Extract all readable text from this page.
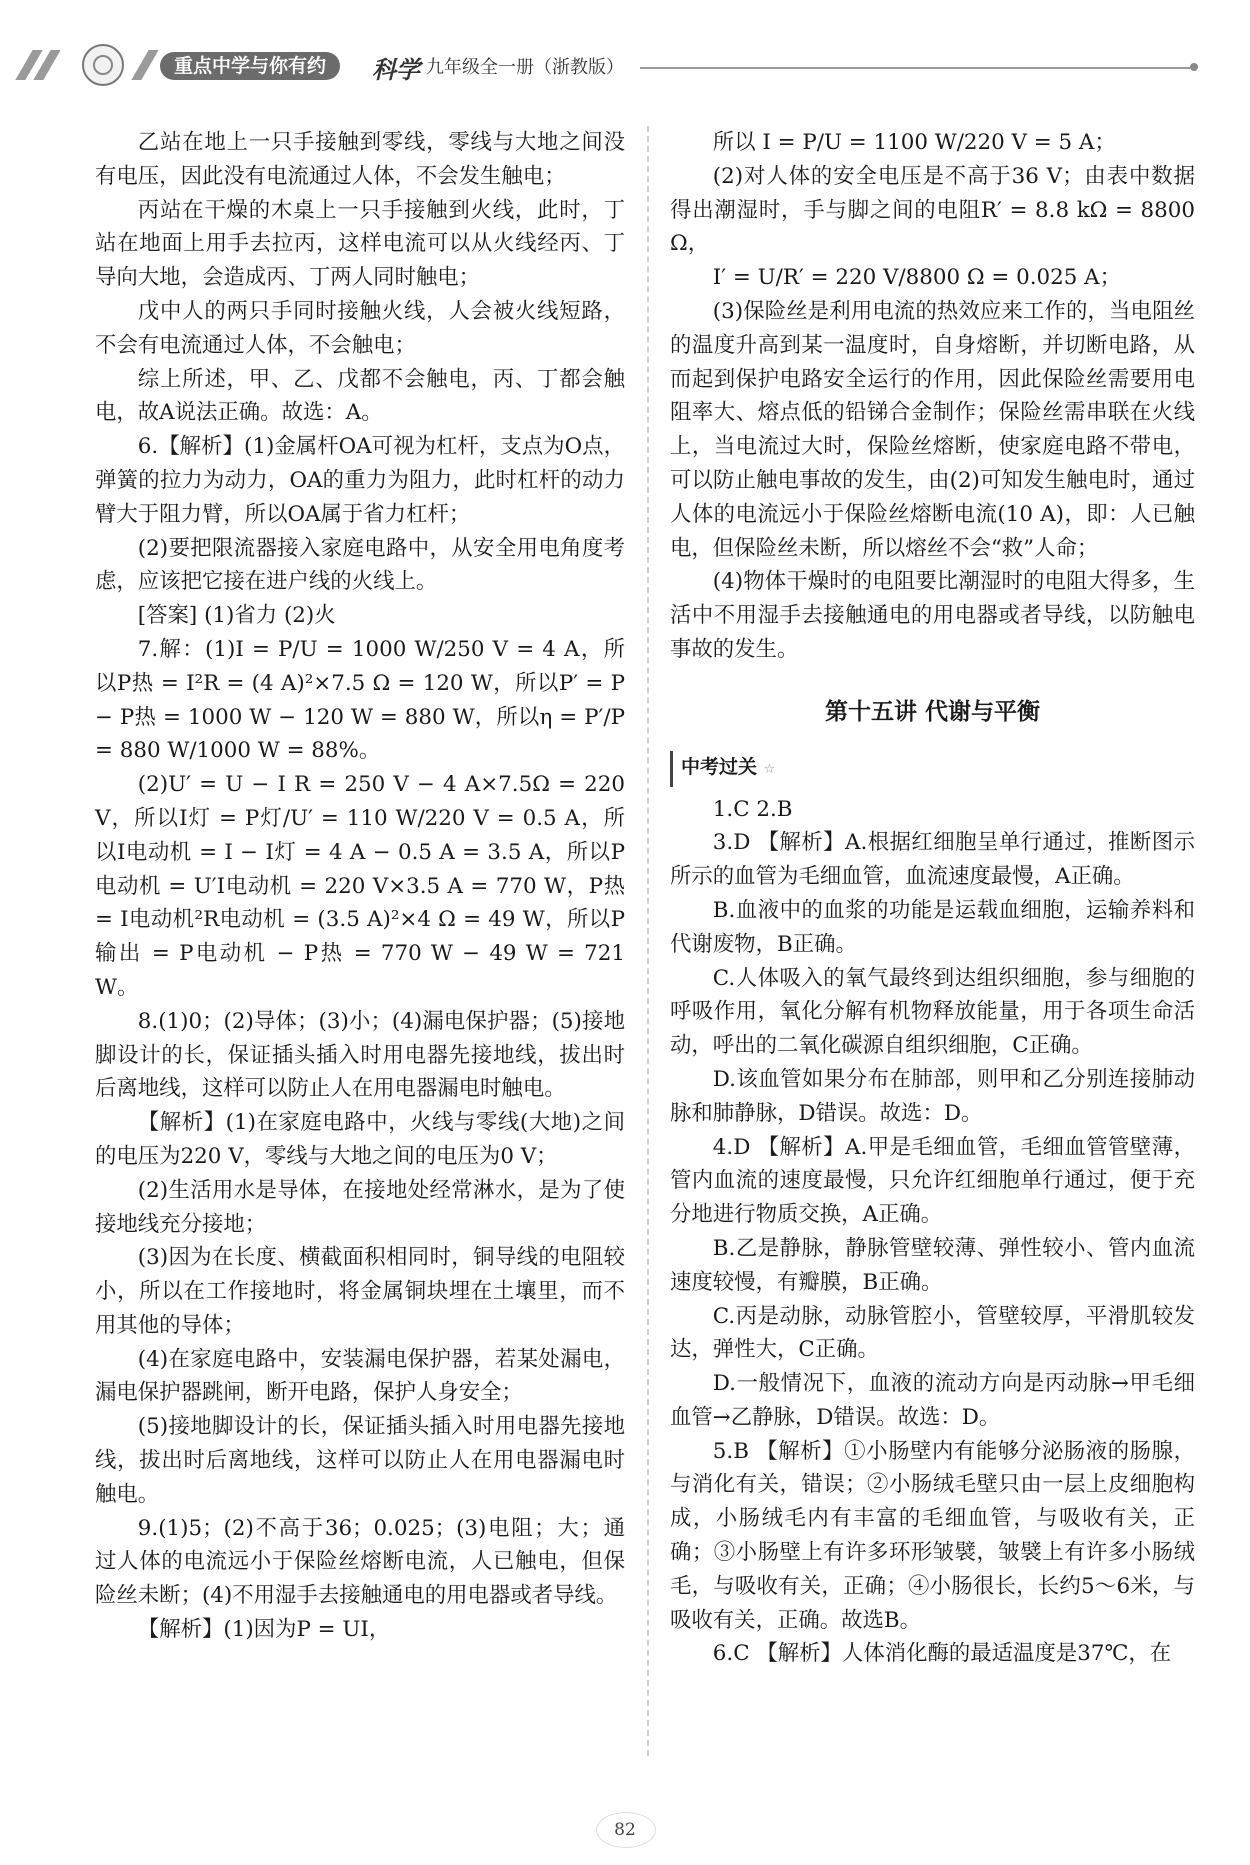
重点中学与你有约	科学 九年级全一册（浙教版）

乙站在地上一只手接触到零线，零线与大地之间没有电压，因此没有电流通过人体，不会发生触电；

丙站在干燥的木桌上一只手接触到火线，此时，丁站在地面上用手去拉丙，这样电流可以从火线经丙、丁导向大地，会造成丙、丁两人同时触电；

戊中人的两只手同时接触火线，人会被火线短路，不会有电流通过人体，不会触电；

综上所述，甲、乙、戊都不会触电，丙、丁都会触电，故A说法正确。故选：A。

6.【解析】(1)金属杆OA可视为杠杆，支点为O点，弹簧的拉力为动力，OA的重力为阻力，此时杠杆的动力臂大于阻力臂，所以OA属于省力杠杆；

(2)要把限流器接入家庭电路中，从安全用电角度考虑，应该把它接在进户线的火线上。

[答案] (1)省力 (2)火

7.解：(1)I = P/U = 1000 W/250 V = 4 A，所以P热 = I²R = (4 A)²×7.5 Ω = 120 W，所以P′ = P − P热 = 1000 W − 120 W = 880 W，所以η = P′/P = 880 W/1000 W = 88%。

(2)U′ = U − I R = 250 V − 4 A×7.5Ω = 220 V，所以I灯 = P灯/U′ = 110 W/220 V = 0.5 A，所以I电动机 = I − I灯 = 4 A − 0.5 A = 3.5 A，所以P电动机 = U′I电动机 = 220 V×3.5 A = 770 W，P热 = I电动机²R电动机 = (3.5 A)²×4 Ω = 49 W，所以P输出 = P电动机 − P热 = 770 W − 49 W = 721 W。

8.(1)0；(2)导体；(3)小；(4)漏电保护器；(5)接地脚设计的长，保证插头插入时用电器先接地线，拔出时后离地线，这样可以防止人在用电器漏电时触电。

【解析】(1)在家庭电路中，火线与零线(大地)之间的电压为220 V，零线与大地之间的电压为0 V；

(2)生活用水是导体，在接地处经常淋水，是为了使接地线充分接地；

(3)因为在长度、横截面积相同时，铜导线的电阻较小，所以在工作接地时，将金属铜块埋在土壤里，而不用其他的导体；

(4)在家庭电路中，安装漏电保护器，若某处漏电，漏电保护器跳闸，断开电路，保护人身安全；

(5)接地脚设计的长，保证插头插入时用电器先接地线，拔出时后离地线，这样可以防止人在用电器漏电时触电。

9.(1)5；(2)不高于36；0.025；(3)电阻；大；通过人体的电流远小于保险丝熔断电流，人已触电，但保险丝未断；(4)不用湿手去接触通电的用电器或者导线。

【解析】(1)因为P = UI，

所以 I = P/U = 1100 W/220 V = 5 A；

(2)对人体的安全电压是不高于36 V；由表中数据得出潮湿时，手与脚之间的电阻R′ = 8.8 kΩ = 8800 Ω，

I′ = U/R′ = 220 V/8800 Ω = 0.025 A；

(3)保险丝是利用电流的热效应来工作的，当电阻丝的温度升高到某一温度时，自身熔断，并切断电路，从而起到保护电路安全运行的作用，因此保险丝需要用电阻率大、熔点低的铅锑合金制作；保险丝需串联在火线上，当电流过大时，保险丝熔断，使家庭电路不带电，可以防止触电事故的发生，由(2)可知发生触电时，通过人体的电流远小于保险丝熔断电流(10 A)，即：人已触电，但保险丝未断，所以熔丝不会“救”人命；

(4)物体干燥时的电阻要比潮湿时的电阻大得多，生活中不用湿手去接触通电的用电器或者导线，以防触电事故的发生。

第十五讲 代谢与平衡

中考过关 ☆

1.C 2.B

3.D 【解析】A.根据红细胞呈单行通过，推断图示所示的血管为毛细血管，血流速度最慢，A正确。

B.血液中的血浆的功能是运载血细胞，运输养料和代谢废物，B正确。

C.人体吸入的氧气最终到达组织细胞，参与细胞的呼吸作用，氧化分解有机物释放能量，用于各项生命活动，呼出的二氧化碳源自组织细胞，C正确。

D.该血管如果分布在肺部，则甲和乙分别连接肺动脉和肺静脉，D错误。故选：D。

4.D 【解析】A.甲是毛细血管，毛细血管管壁薄，管内血流的速度最慢，只允许红细胞单行通过，便于充分地进行物质交换，A正确。

B.乙是静脉，静脉管壁较薄、弹性较小、管内血流速度较慢，有瓣膜，B正确。

C.丙是动脉，动脉管腔小，管壁较厚，平滑肌较发达，弹性大，C正确。

D.一般情况下，血液的流动方向是丙动脉→甲毛细血管→乙静脉，D错误。故选：D。

5.B 【解析】①小肠壁内有能够分泌肠液的肠腺，与消化有关，错误；②小肠绒毛壁只由一层上皮细胞构成，小肠绒毛内有丰富的毛细血管，与吸收有关，正确；③小肠壁上有许多环形皱襞，皱襞上有许多小肠绒毛，与吸收有关，正确；④小肠很长，长约5～6米，与吸收有关，正确。故选B。

6.C 【解析】人体消化酶的最适温度是37℃，在

82
